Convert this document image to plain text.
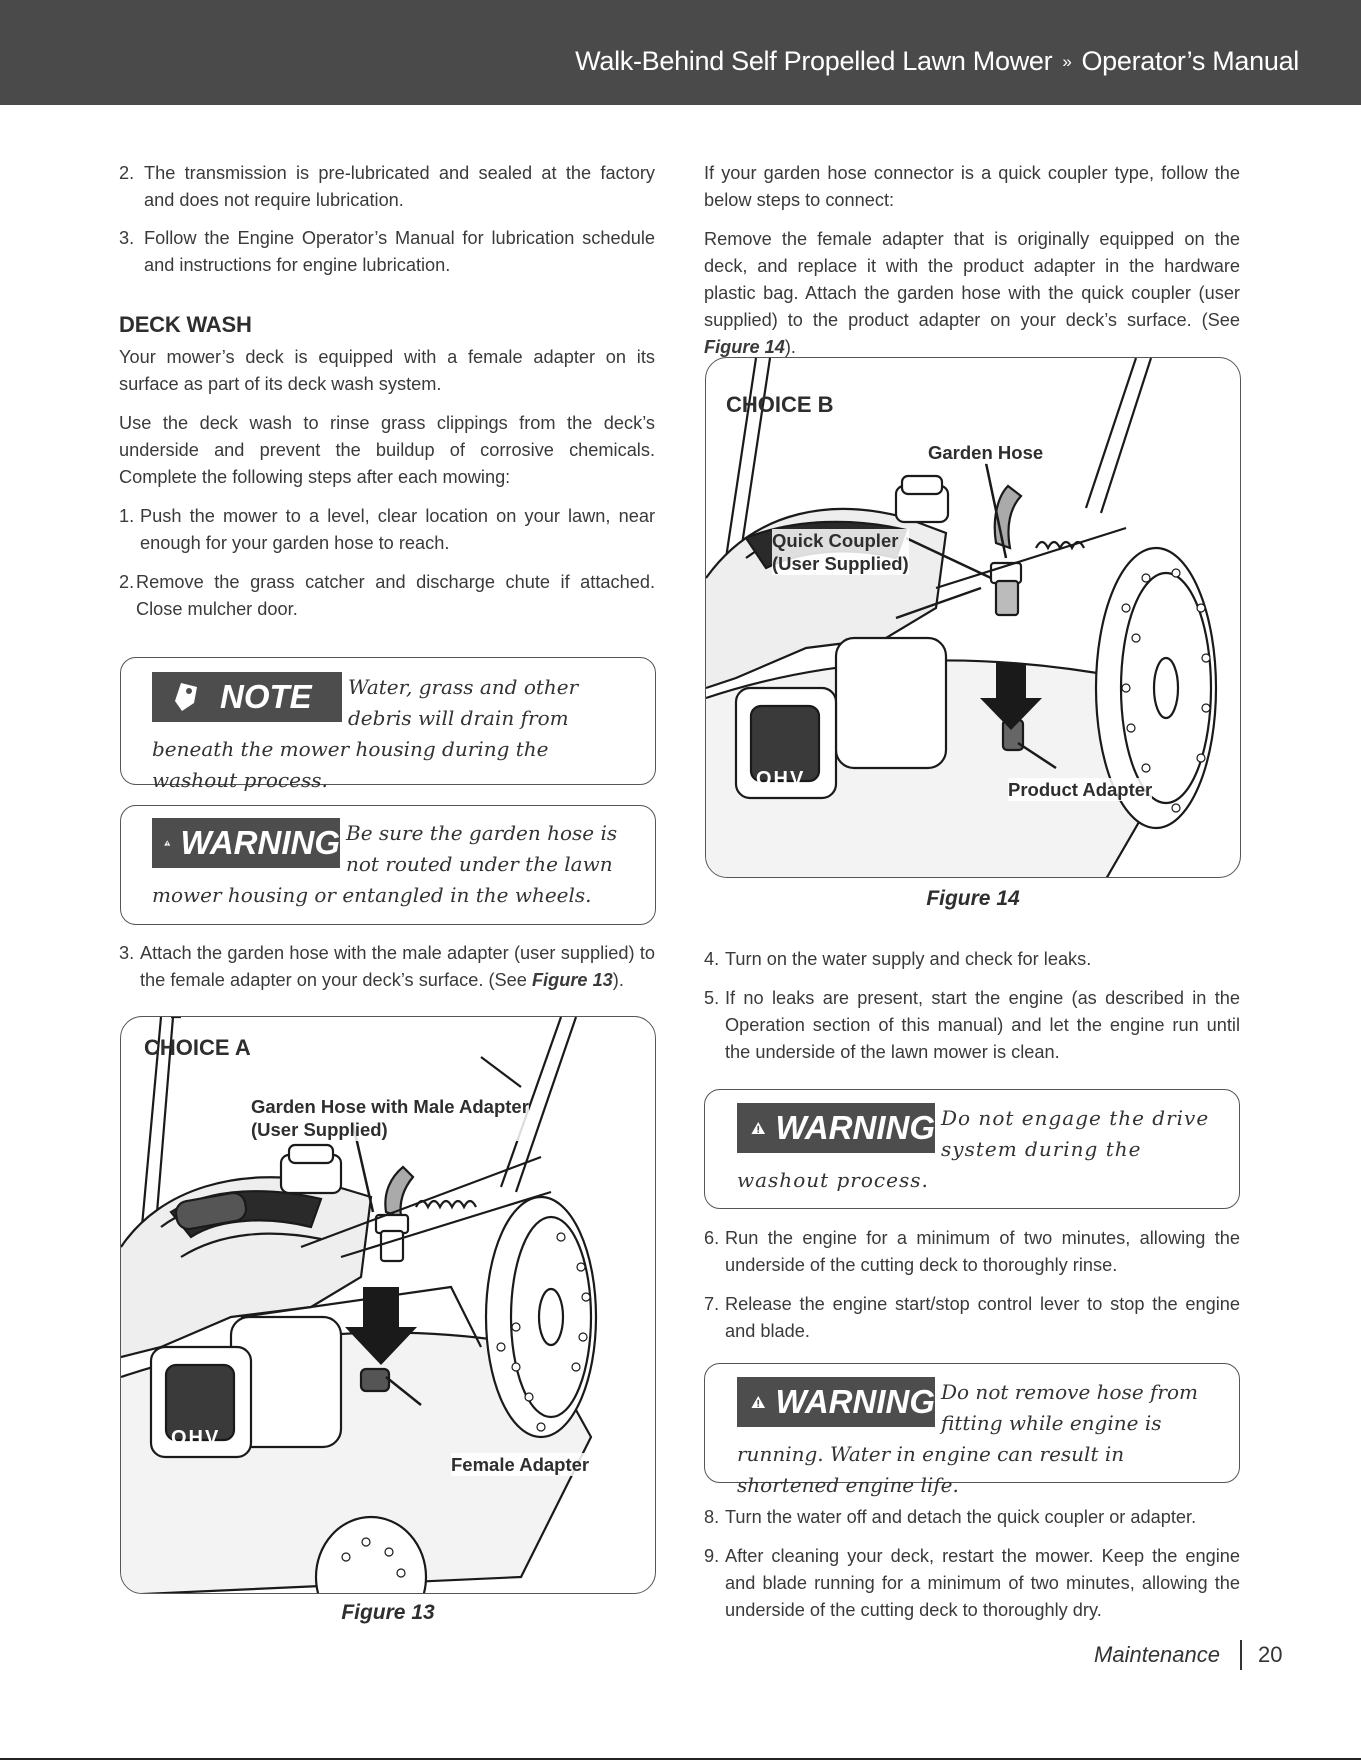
Walk-Behind Self Propelled Lawn Mower » Operator’s Manual
2. The transmission is pre-lubricated and sealed at the factory and does not require lubrication.
3. Follow the Engine Operator’s Manual for lubrication schedule and instructions for engine lubrication.
DECK WASH

Your mower’s deck is equipped with a female adapter on its surface as part of its deck wash system.

Use the deck wash to rinse grass clippings from the deck’s underside and prevent the buildup of corrosive chemicals. Complete the following steps after each mowing:

1. Push the mower to a level, clear location on your lawn, near enough for your garden hose to reach.
2. Remove the grass catcher and discharge chute if attached. Close mulcher door.
NOTE Water, grass and other debris will drain from beneath the mower housing during the washout process.
WARNING Be sure the garden hose is not routed under the lawn mower housing or entangled in the wheels.
3. Attach the garden hose with the male adapter (user supplied) to the female adapter on your deck’s surface. (See Figure 13).
CHOICE A
Garden Hose with Male Adapter
(User Supplied)
Female Adapter
OHV
Figure 13

If your garden hose connector is a quick coupler type, follow the below steps to connect:

Remove the female adapter that is originally equipped on the deck, and replace it with the product adapter in the hardware plastic bag. Attach the garden hose with the quick coupler (user supplied) to the product adapter on your deck’s surface. (See Figure 14).

CHOICE B
Garden Hose
Quick Coupler
(User Supplied)
Product Adapter
OHV
Figure 14
4. Turn on the water supply and check for leaks.
5. If no leaks are present, start the engine (as described in the Operation section of this manual) and let the engine run until the underside of the lawn mower is clean.
WARNING Do not engage the drive system during the washout process.
6. Run the engine for a minimum of two minutes, allowing the underside of the cutting deck to thoroughly rinse.
7. Release the engine start/stop control lever to stop the engine and blade.
WARNING Do not remove hose from fitting while engine is running. Water in engine can result in shortened engine life.
8. Turn the water off and detach the quick coupler or adapter.
9. After cleaning your deck, restart the mower. Keep the engine and blade running for a minimum of two minutes, allowing the underside of the cutting deck to thoroughly dry.
Maintenance 20
